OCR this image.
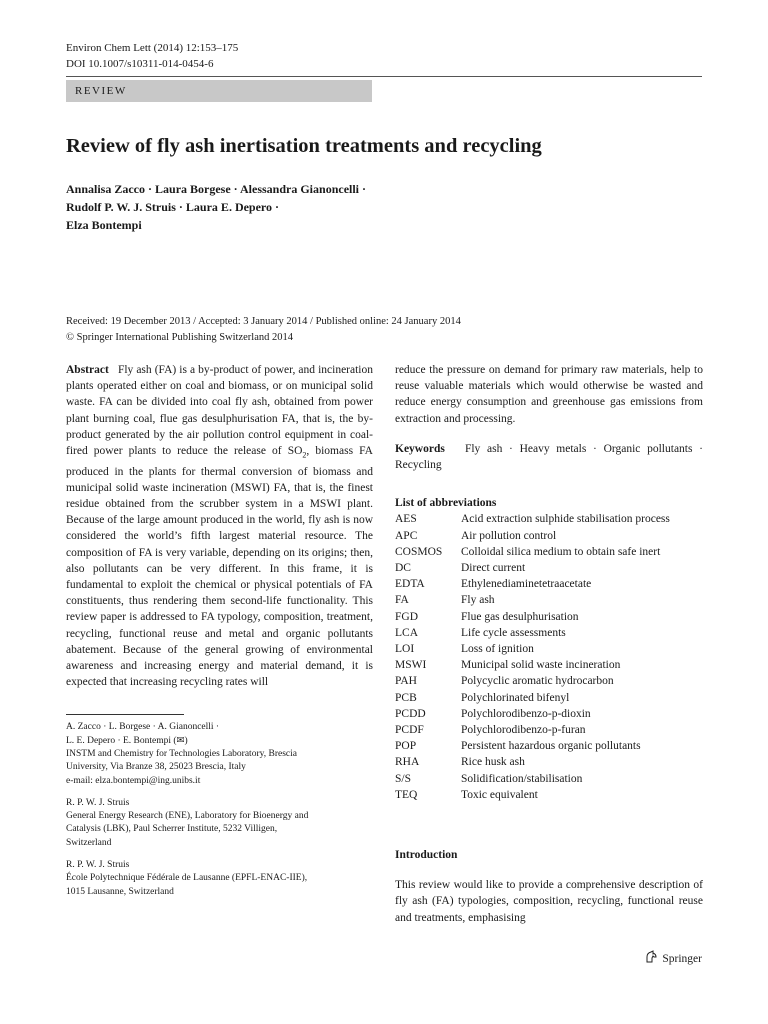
Environ Chem Lett (2014) 12:153–175
DOI 10.1007/s10311-014-0454-6
REVIEW
Review of fly ash inertisation treatments and recycling
Annalisa Zacco · Laura Borgese · Alessandra Gianoncelli ·
Rudolf P. W. J. Struis · Laura E. Depero ·
Elza Bontempi
Received: 19 December 2013 / Accepted: 3 January 2014 / Published online: 24 January 2014
© Springer International Publishing Switzerland 2014
Abstract Fly ash (FA) is a by-product of power, and incineration plants operated either on coal and biomass, or on municipal solid waste. FA can be divided into coal fly ash, obtained from power plant burning coal, flue gas desulphurisation FA, that is, the by-product generated by the air pollution control equipment in coal-fired power plants to reduce the release of $SO_2$, biomass FA produced in the plants for thermal conversion of biomass and municipal solid waste incineration (MSWI) FA, that is, the finest residue obtained from the scrubber system in a MSWI plant. Because of the large amount produced in the world, fly ash is now considered the world’s fifth largest material resource. The composition of FA is very variable, depending on its origins; then, also pollutants can be very different. In this frame, it is fundamental to exploit the chemical or physical potentials of FA constituents, thus rendering them second-life functionality. This review paper is addressed to FA typology, composition, treatment, recycling, functional reuse and metal and organic pollutants abatement. Because of the general growing of environmental awareness and increasing energy and material demand, it is expected that increasing recycling rates will
A. Zacco · L. Borgese · A. Gianoncelli ·
L. E. Depero · E. Bontempi (✉)
INSTM and Chemistry for Technologies Laboratory, Brescia
University, Via Branze 38, 25023 Brescia, Italy
e-mail: elza.bontempi@ing.unibs.it
R. P. W. J. Struis
General Energy Research (ENE), Laboratory for Bioenergy and
Catalysis (LBK), Paul Scherrer Institute, 5232 Villigen,
Switzerland
R. P. W. J. Struis
École Polytechnique Fédérale de Lausanne (EPFL-ENAC-IIE),
1015 Lausanne, Switzerland
reduce the pressure on demand for primary raw materials, help to reuse valuable materials which would otherwise be wasted and reduce energy consumption and greenhouse gas emissions from extraction and processing.
Keywords Fly ash · Heavy metals · Organic pollutants · Recycling
List of abbreviations
AES	Acid extraction sulphide stabilisation process
APC	Air pollution control
COSMOS	Colloidal silica medium to obtain safe inert
DC	Direct current
EDTA	Ethylenediaminetetraacetate
FA	Fly ash
FGD	Flue gas desulphurisation
LCA	Life cycle assessments
LOI	Loss of ignition
MSWI	Municipal solid waste incineration
PAH	Polycyclic aromatic hydrocarbon
PCB	Polychlorinated bifenyl
PCDD	Polychlorodibenzo-p-dioxin
PCDF	Polychlorodibenzo-p-furan
POP	Persistent hazardous organic pollutants
RHA	Rice husk ash
S/S	Solidification/stabilisation
TEQ	Toxic equivalent
Introduction
This review would like to provide a comprehensive description of fly ash (FA) typologies, composition, recycling, functional reuse and treatments, emphasising
Springer
